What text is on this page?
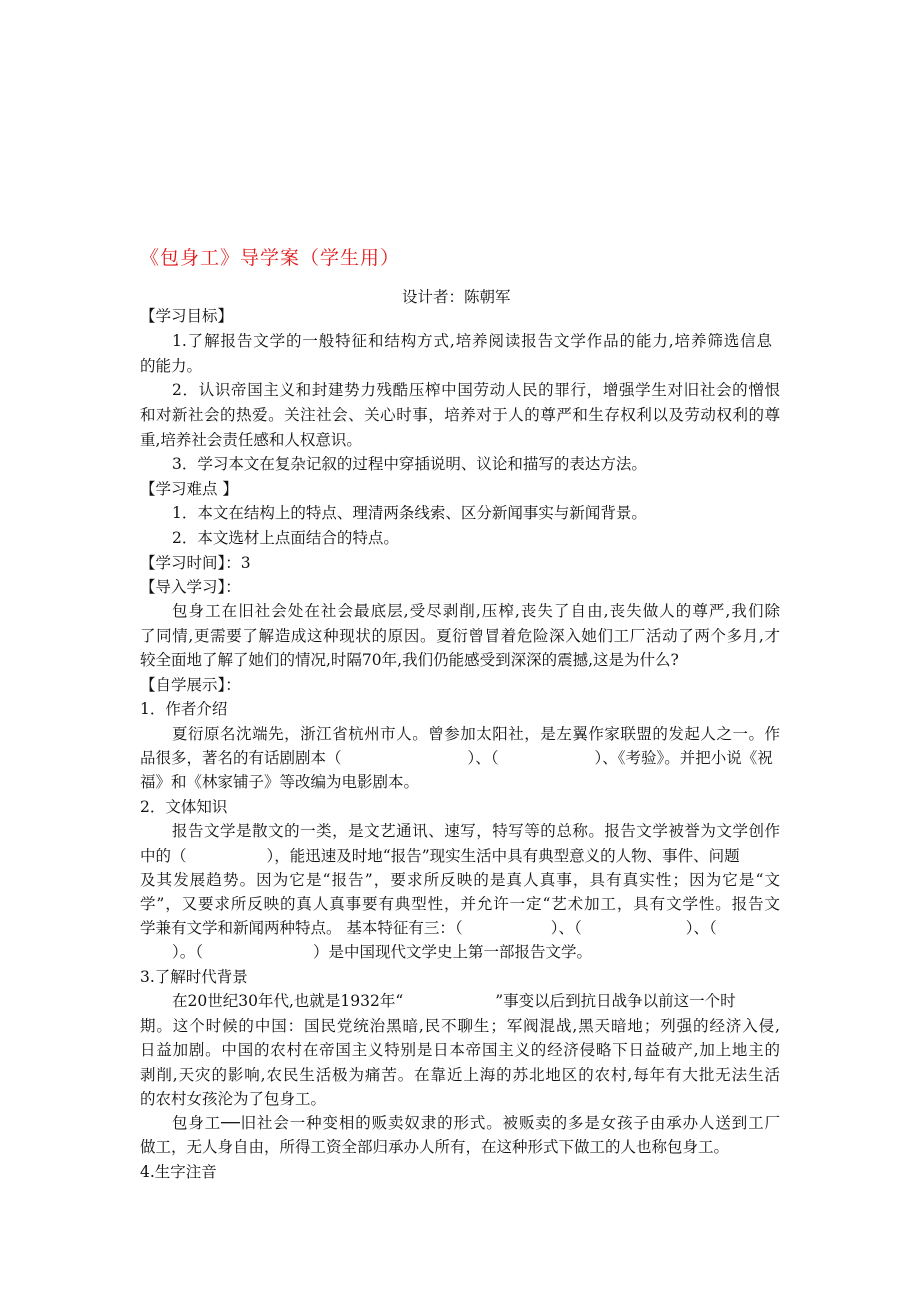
《包身工》导学案（学生用）
设计者：陈朝军
【学习目标】
1.了解报告文学的一般特征和结构方式,培养阅读报告文学作品的能力,培养筛选信息
的能力。
2．认识帝国主义和封建势力残酷压榨中国劳动人民的罪行，增强学生对旧社会的憎恨
和对新社会的热爱。关注社会、关心时事，培养对于人的尊严和生存权利以及劳动权利的尊
重,培养社会责任感和人权意识。
3．学习本文在复杂记叙的过程中穿插说明、议论和描写的表达方法。
【学习难点 】
1．本文在结构上的特点、理清两条线索、区分新闻事实与新闻背景。
2．本文选材上点面结合的特点。
【学习时间】：3
【导入学习】：
包身工在旧社会处在社会最底层,受尽剥削,压榨,丧失了自由,丧失做人的尊严,我们除
了同情,更需要了解造成这种现状的原因。夏衍曾冒着危险深入她们工厂活动了两个多月,才
较全面地了解了她们的情况,时隔70年,我们仍能感受到深深的震撼,这是为什么?
【自学展示】：
1．作者介绍
夏衍原名沈端先，浙江省杭州市人。曾参加太阳社，是左翼作家联盟的发起人之一。作
品很多，著名的有话剧剧本（	）、（	）、《考验》。并把小说《祝
福》和《林家铺子》等改编为电影剧本。
2．文体知识
报告文学是散文的一类，是文艺通讯、速写，特写等的总称。报告文学被誉为文学创作
中的（	），能迅速及时地“报告”现实生活中具有典型意义的人物、事件、问题
及其发展趋势。因为它是“报告”，要求所反映的是真人真事，具有真实性；因为它是“文
学”，又要求所反映的真人真事要有典型性，并允许一定“艺术加工，具有文学性。报告文
学兼有文学和新闻两种特点。 基本特征有三：（	）、（	）、（
）。（	）是中国现代文学史上第一部报告文学。
3.了解时代背景
在20世纪30年代,也就是1932年“	”事变以后到抗日战争以前这一个时
期。这个时候的中国：国民党统治黑暗,民不聊生；军阀混战,黑天暗地；列强的经济入侵,
日益加剧。中国的农村在帝国主义特别是日本帝国主义的经济侵略下日益破产,加上地主的
剥削,天灾的影响,农民生活极为痛苦。在靠近上海的苏北地区的农村,每年有大批无法生活
的农村女孩沦为了包身工。
包身工──旧社会一种变相的贩卖奴隶的形式。被贩卖的多是女孩子由承办人送到工厂
做工，无人身自由，所得工资全部归承办人所有，在这种形式下做工的人也称包身工。
4.生字注音
